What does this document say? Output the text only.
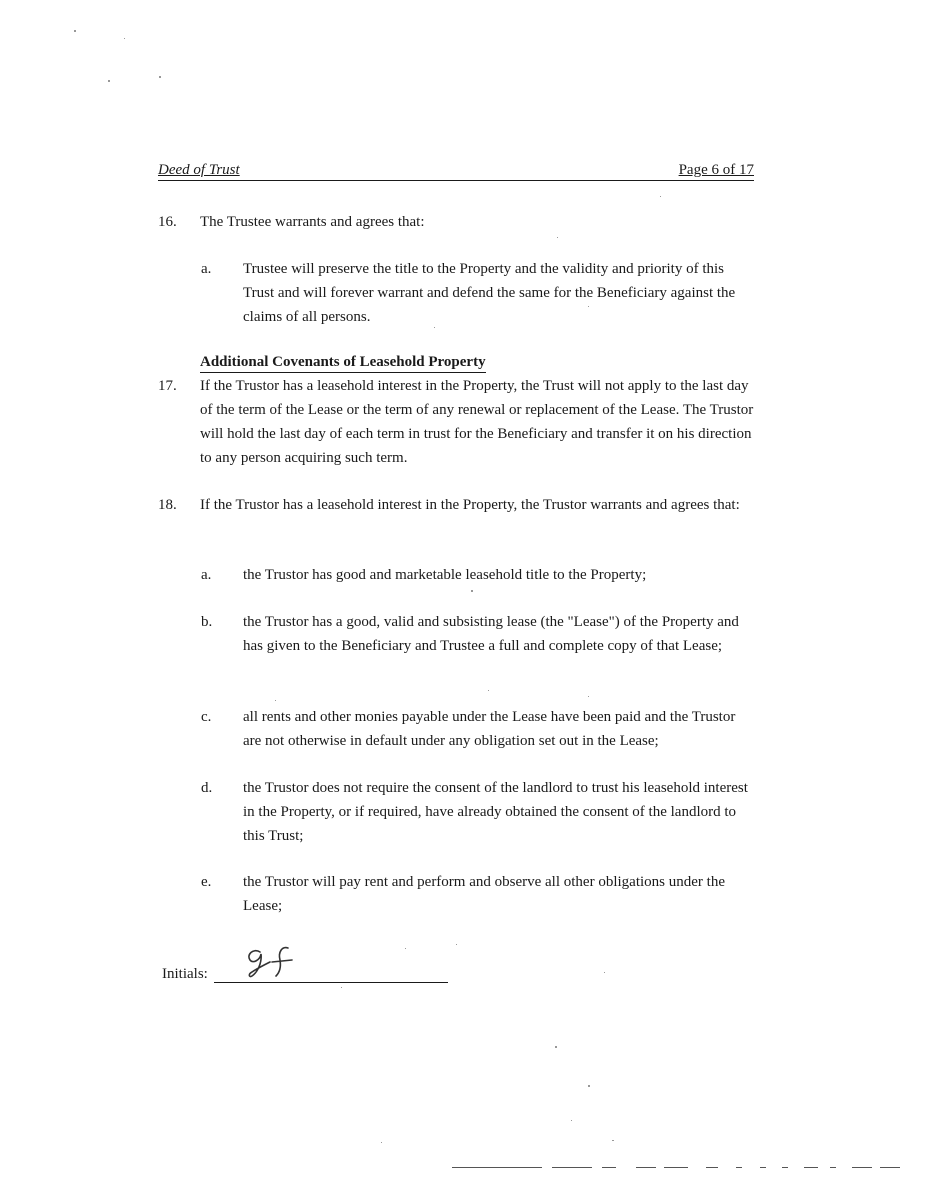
Deed of Trust	Page 6 of 17
16. The Trustee warrants and agrees that:
a. Trustee will preserve the title to the Property and the validity and priority of this Trust and will forever warrant and defend the same for the Beneficiary against the claims of all persons.
Additional Covenants of Leasehold Property
17. If the Trustor has a leasehold interest in the Property, the Trust will not apply to the last day of the term of the Lease or the term of any renewal or replacement of the Lease. The Trustor will hold the last day of each term in trust for the Beneficiary and transfer it on his direction to any person acquiring such term.
18. If the Trustor has a leasehold interest in the Property, the Trustor warrants and agrees that:
a. the Trustor has good and marketable leasehold title to the Property;
b. the Trustor has a good, valid and subsisting lease (the "Lease") of the Property and has given to the Beneficiary and Trustee a full and complete copy of that Lease;
c. all rents and other monies payable under the Lease have been paid and the Trustor are not otherwise in default under any obligation set out in the Lease;
d. the Trustor does not require the consent of the landlord to trust his leasehold interest in the Property, or if required, have already obtained the consent of the landlord to this Trust;
e. the Trustor will pay rent and perform and observe all other obligations under the Lease;
Initials:
